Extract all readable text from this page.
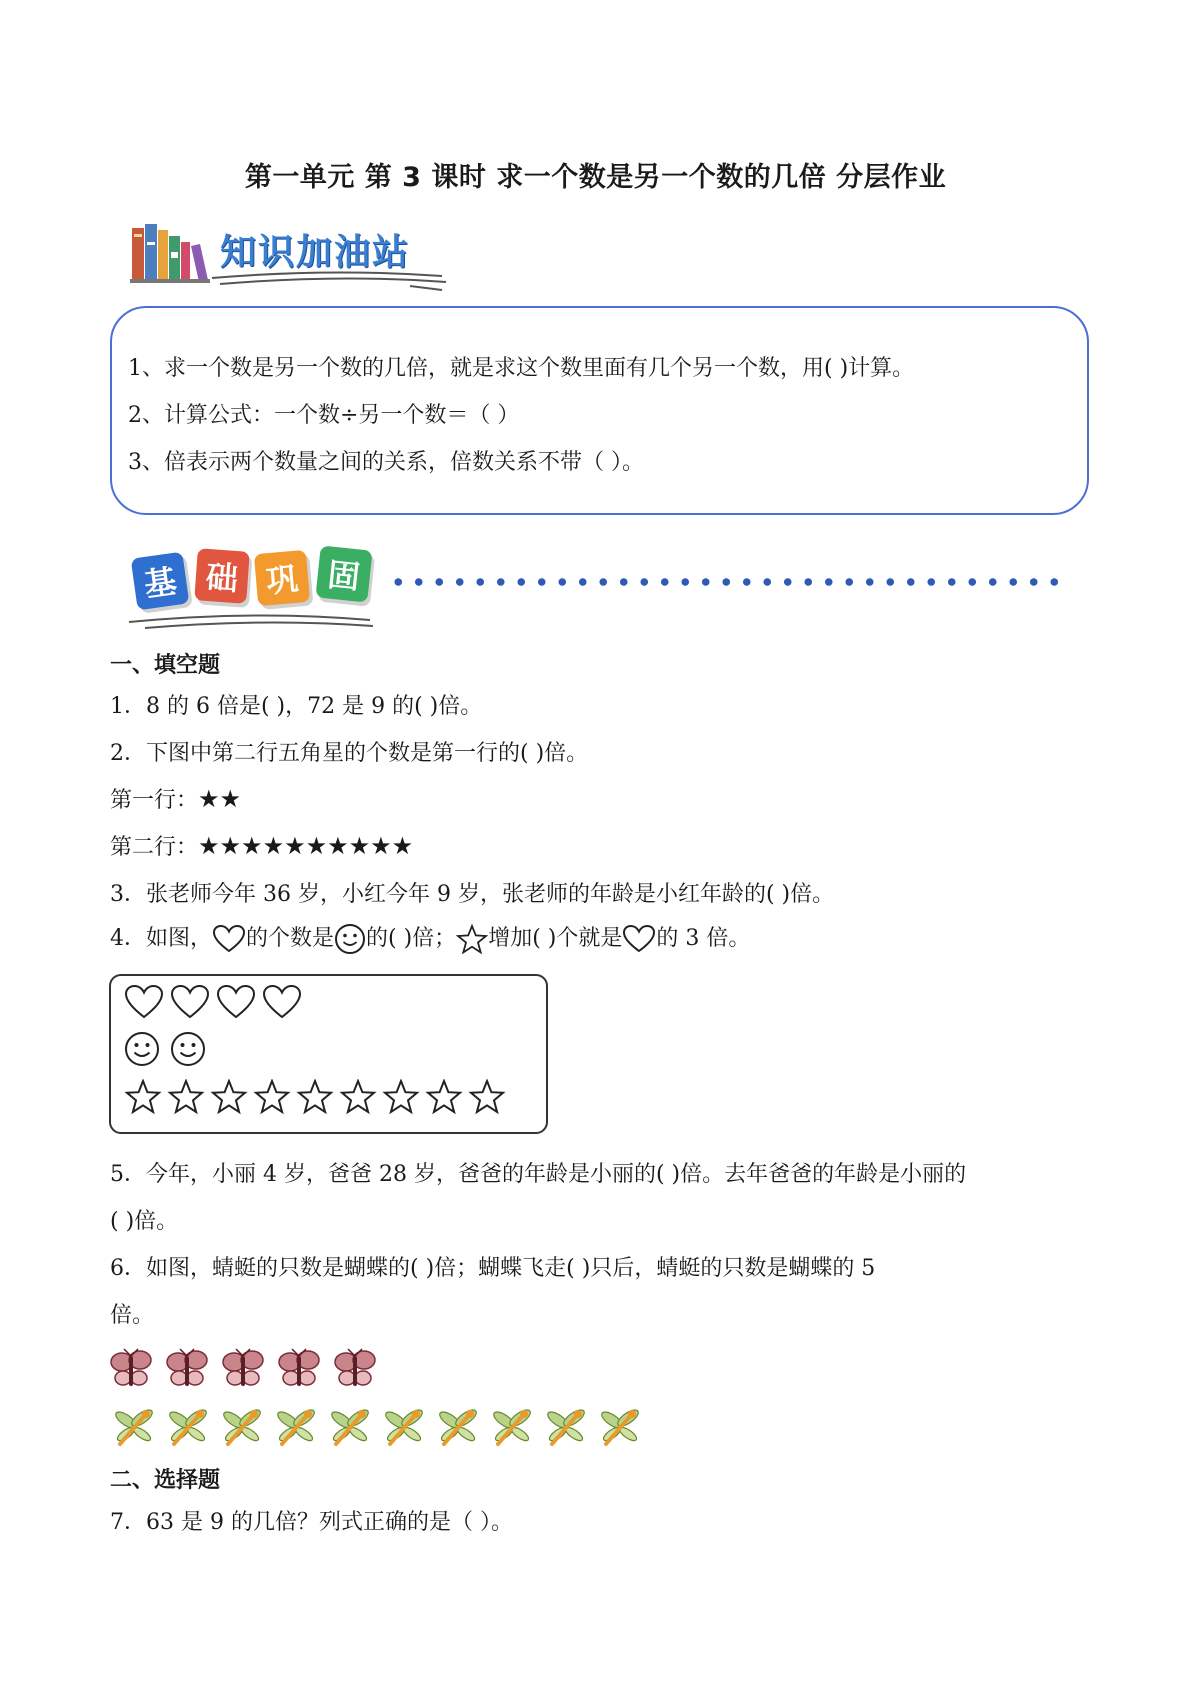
第一单元 第 3 课时 求一个数是另一个数的几倍 分层作业
知识加油站
1、求一个数是另一个数的几倍，就是求这个数里面有几个另一个数，用( )计算。
2、计算公式：一个数÷另一个数＝（ ）
3、倍表示两个数量之间的关系，倍数关系不带（ ）。
基 础 巩 固
一、填空题
1．8 的 6 倍是( )，72 是 9 的( )倍。
2．下图中第二行五角星的个数是第一行的( )倍。
第一行：★★
第二行：★★★★★★★★★★
3．张老师今年 36 岁，小红今年 9 岁，张老师的年龄是小红年龄的( )倍。
4．如图， 的个数是 的( )倍； 增加( )个就是 的 3 倍。
5．今年，小丽 4 岁，爸爸 28 岁，爸爸的年龄是小丽的( )倍。去年爸爸的年龄是小丽的
( )倍。
6．如图，蜻蜓的只数是蝴蝶的( )倍；蝴蝶飞走( )只后，蜻蜓的只数是蝴蝶的 5
倍。
二、选择题
7．63 是 9 的几倍？列式正确的是（ ）。
